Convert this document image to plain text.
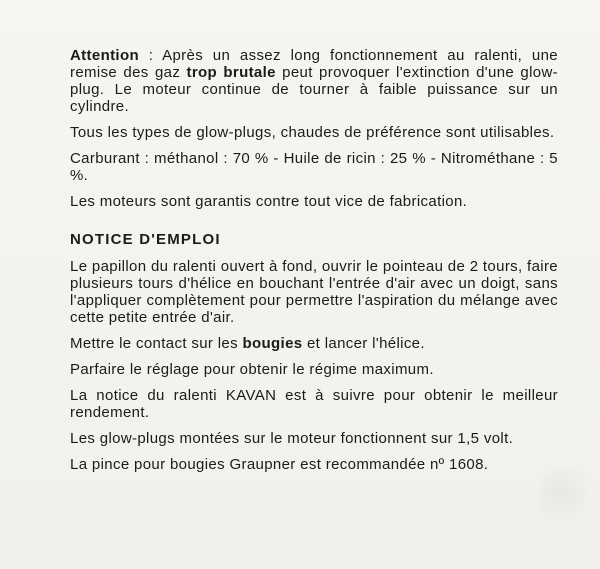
Attention : Après un assez long fonctionnement au ralenti, une remise des gaz trop brutale peut provoquer l'extinction d'une glow-plug. Le moteur continue de tourner à faible puissance sur un cylindre.

Tous les types de glow-plugs, chaudes de préférence sont utilisables.

Carburant : méthanol : 70 % - Huile de ricin : 25 % - Nitrométhane : 5 %.

Les moteurs sont garantis contre tout vice de fabrication.

NOTICE D'EMPLOI

Le papillon du ralenti ouvert à fond, ouvrir le pointeau de 2 tours, faire plusieurs tours d'hélice en bouchant l'entrée d'air avec un doigt, sans l'appliquer complètement pour permettre l'aspiration du mélange avec cette petite entrée d'air.

Mettre le contact sur les bougies et lancer l'hélice.

Parfaire le réglage pour obtenir le régime maximum.

La notice du ralenti KAVAN est à suivre pour obtenir le meilleur rendement.

Les glow-plugs montées sur le moteur fonctionnent sur 1,5 volt.

La pince pour bougies Graupner est recommandée nº 1608.
